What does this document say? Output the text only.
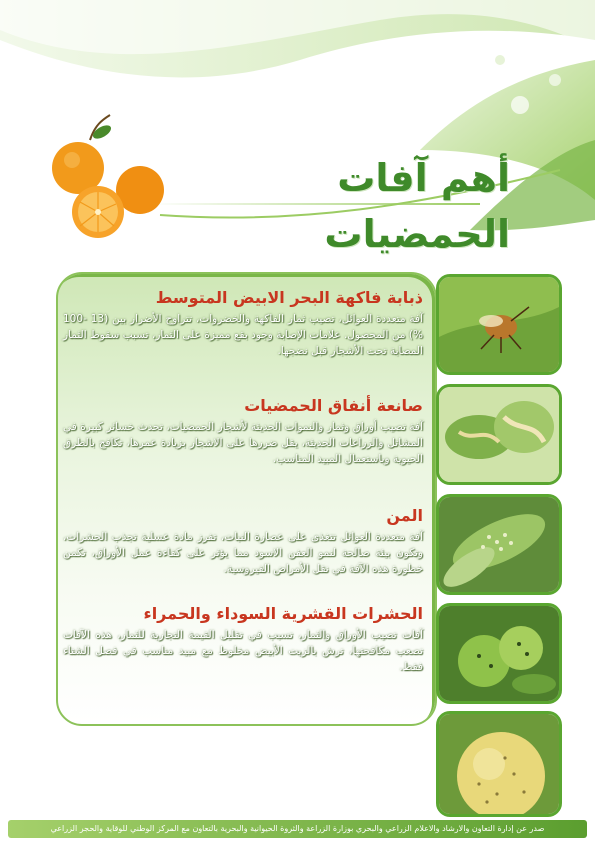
أهم آفات الحمضيات
ذبابة فاكهة البحر الابيض المتوسط

آفة متعددة العوائل، تصيب ثمار الفاكهة والخضروات، تتراوح الأضرار بين (13 -100 %) من المحصول. علامات الإصابة وجود بقع مميزة على الثمار، تسبب سقوط الثمار المصابة تحت الأشجار قبل نضجها.

صانعة أنفاق الحمضيات

آفة تصيب أوراق وثمار والنموات الحديثة لأشجار الحمضيات، تحدث خسائر كبيرة في المشاتل والزراعات الحديثة، يقل ضررها على الاشجار بزيادة عمرها، تكافح بالطرق الحيوية وباستعمال المبيد المناسب.

المن

آفة متعددة العوائل تتغذى على عصارة النبات، تفرز مادة عسلية تجذب الحشرات، وتكون بيئة صالحة لنمو العفن الاسود مما يؤثر على كفاءة عمل الأوراق، تكمن خطورة هذه الآفة في نقل الأمراض الفيروسية.

الحشرات القشرية السوداء والحمراء

آفات تصيب الأوراق والثمار، تسبب في تقليل القيمة التجارية للثمار، هذه الآفات تصعب مكافحتها، ترش بالزيت الأبيض مخلوط مع مبيد مناسب في فصل الشتاء فقط.

صدر عن إدارة التعاون والارشاد والاعلام الزراعي والبحري بوزارة الزراعة والثروة الحيوانية والبحرية بالتعاون مع المركز الوطني للوقاية والحجر الزراعي
